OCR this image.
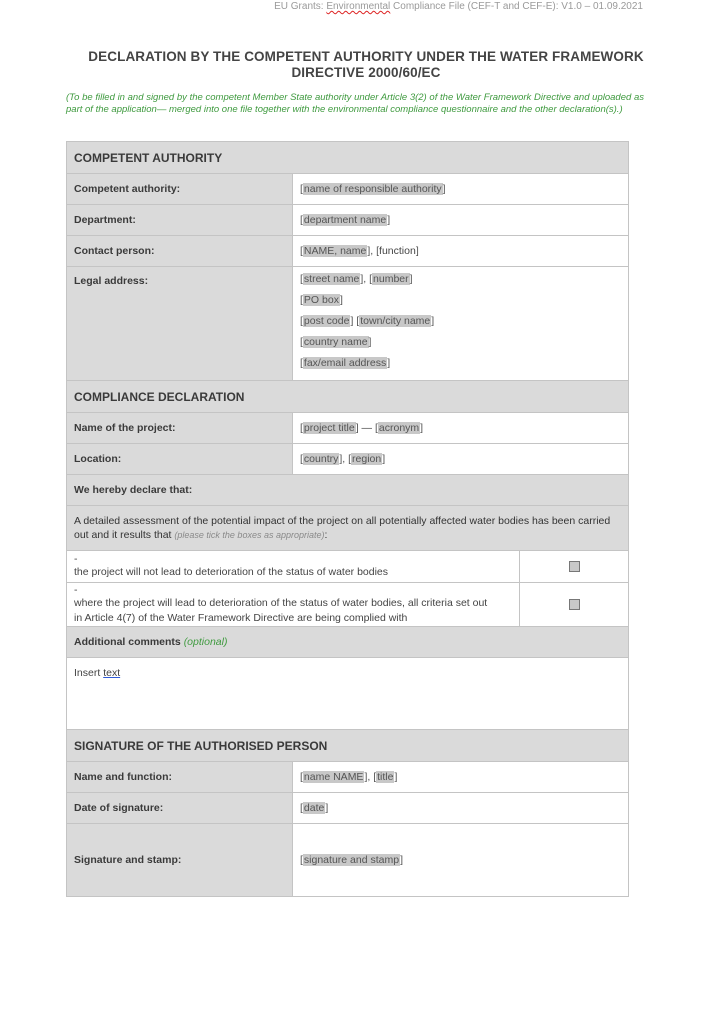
EU Grants: Environmental Compliance File (CEF-T and CEF-E): V1.0 – 01.09.2021
DECLARATION BY THE COMPETENT AUTHORITY UNDER THE WATER FRAMEWORK DIRECTIVE 2000/60/EC
(To be filled in and signed by the competent Member State authority under Article 3(2) of the Water Framework Directive and uploaded as part of the application— merged into one file together with the environmental compliance questionnaire and the other declaration(s).)
COMPETENT AUTHORITY		
Competent authority:	[name of responsible authority]	
Department:	[department name]	
Contact person:	[NAME, name], [function]	
Legal address:	[street name], [number]
[PO box]
[post code] [town/city name]
[country name]
[fax/email address]	

COMPLIANCE DECLARATION		
Name of the project:	[project title] — [acronym]	
Location:	[country], [region]	
We hereby declare that:		
A detailed assessment of the potential impact of the project on all potentially affected water bodies has been carried out and it results that (please tick the boxes as appropriate):		
-the project will not lead to deterioration of the status of water bodies		
-where the project will lead to deterioration of the status of water bodies, all criteria set out in Article 4(7) of the Water Framework Directive are being complied with		
Additional comments (optional)		
Insert text		
SIGNATURE OF THE AUTHORISED PERSON		
Name and function:	[name NAME], [title]	
Date of signature:	[date]	
Signature and stamp:	[signature and stamp]	
